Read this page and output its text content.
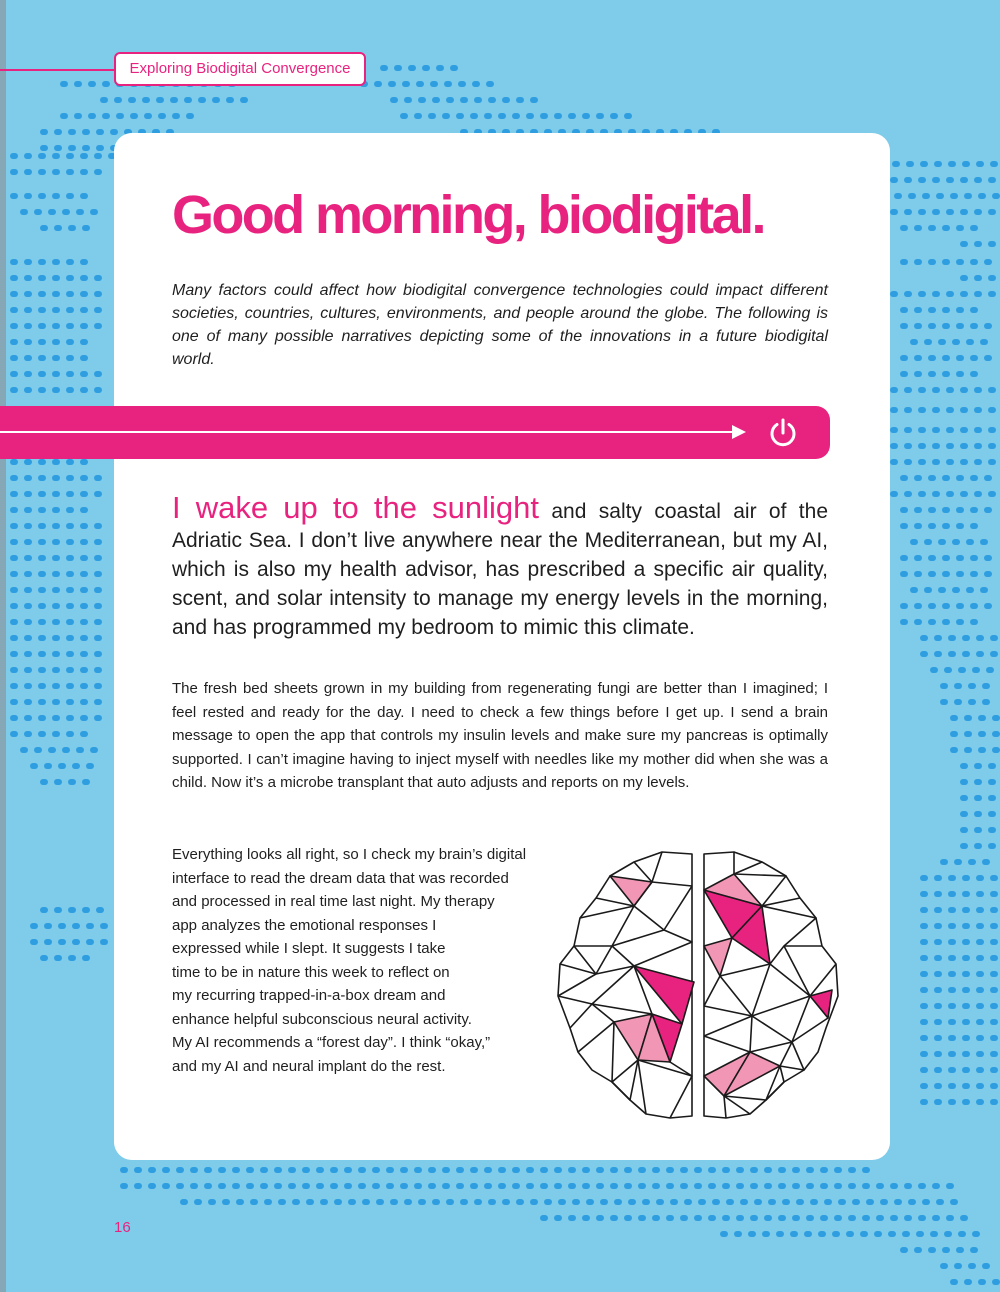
Exploring Biodigital Convergence
Good morning, biodigital.

Many factors could affect how biodigital convergence technologies could impact different societies, countries, cultures, environments, and people around the globe. The following is one of many possible narratives depicting some of the innovations in a future biodigital world.

I wake up to the sunlight and salty coastal air of the Adriatic Sea. I don’t live anywhere near the Mediterranean, but my AI, which is also my health advisor, has prescribed a specific air quality, scent, and solar intensity to manage my energy levels in the morning, and has programmed my bedroom to mimic this climate.

The fresh bed sheets grown in my building from regenerating fungi are better than I imagined; I feel rested and ready for the day. I need to check a few things before I get up. I send a brain message to open the app that controls my insulin levels and make sure my pancreas is optimally supported. I can’t imagine having to inject myself with needles like my mother did when she was a child. Now it’s a microbe transplant that auto adjusts and reports on my levels.

Everything looks all right, so I check my brain’s digital
interface to read the dream data that was recorded
and processed in real time last night. My therapy
app analyzes the emotional responses I
expressed while I slept. It suggests I take
time to be in nature this week to reflect on
my recurring trapped-in-a-box dream and
enhance helpful subconscious neural activity.
My AI recommends a “forest day”. I think “okay,”
and my AI and neural implant do the rest.

16
